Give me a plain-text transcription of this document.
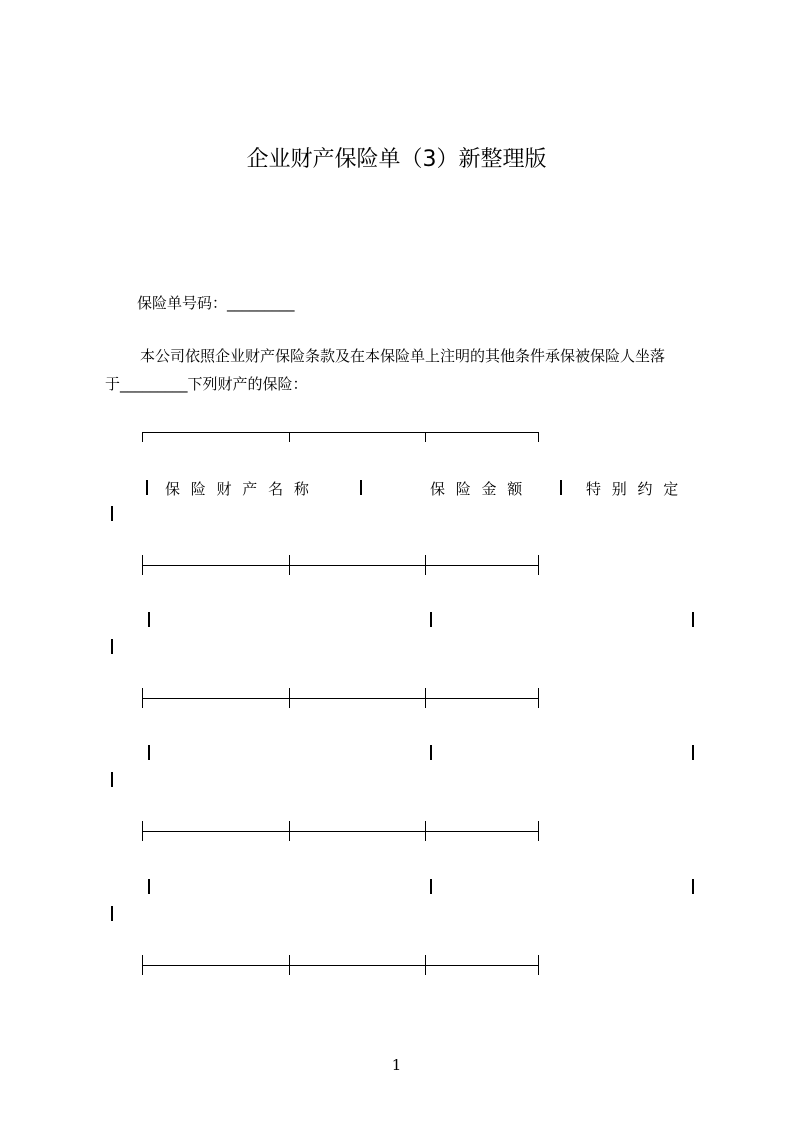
企业财产保险单（3）新整理版
保险单号码：_________
本公司依照企业财产保险条款及在本保险单上注明的其他条件承保被保险人坐落
于_________下列财产的保险：
保 险 财 产 名 称	保 险 金 额	特 别 约 定
1
